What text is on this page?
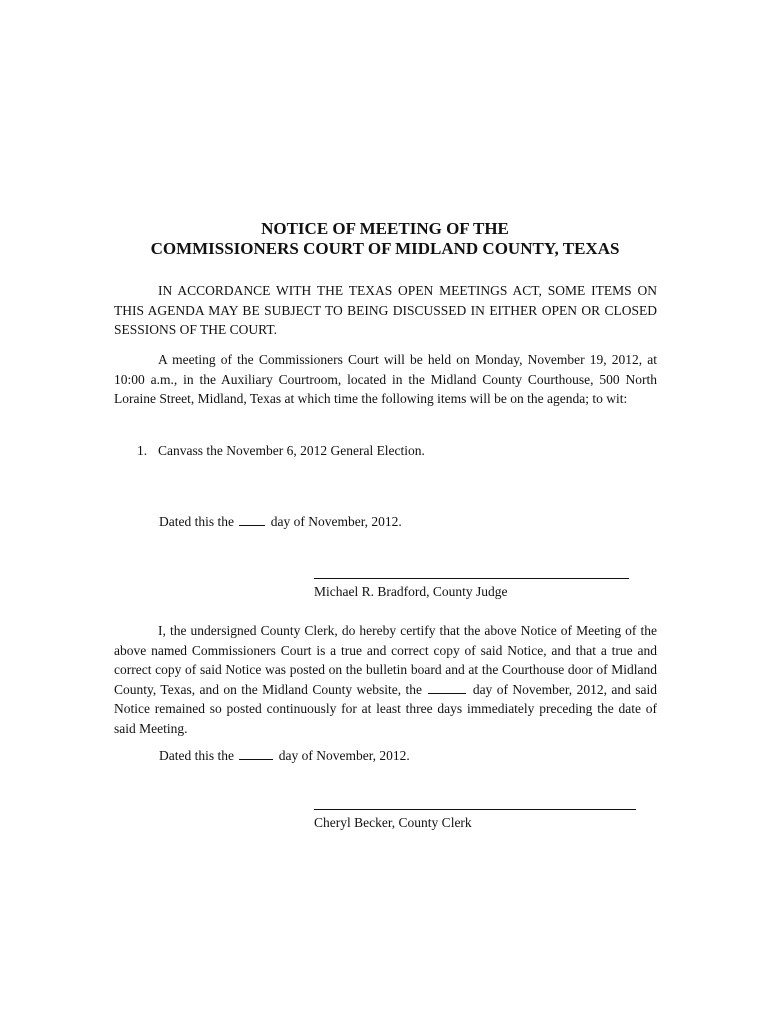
NOTICE OF MEETING OF THE
COMMISSIONERS COURT OF MIDLAND COUNTY, TEXAS
IN ACCORDANCE WITH THE TEXAS OPEN MEETINGS ACT, SOME ITEMS ON THIS AGENDA MAY BE SUBJECT TO BEING DISCUSSED IN EITHER OPEN OR CLOSED SESSIONS OF THE COURT.
A meeting of the Commissioners Court will be held on Monday, November 19, 2012, at 10:00 a.m., in the Auxiliary Courtroom, located in the Midland County Courthouse, 500 North Loraine Street, Midland, Texas at which time the following items will be on the agenda; to wit:
1. Canvass the November 6, 2012 General Election.
Dated this the	day of November, 2012.
Michael R. Bradford, County Judge
I, the undersigned County Clerk, do hereby certify that the above Notice of Meeting of the above named Commissioners Court is a true and correct copy of said Notice, and that a true and correct copy of said Notice was posted on the bulletin board and at the Courthouse door of Midland County, Texas, and on the Midland County website, the	day of November, 2012, and said Notice remained so posted continuously for at least three days immediately preceding the date of said Meeting.
Dated this the	day of November, 2012.
Cheryl Becker, County Clerk
